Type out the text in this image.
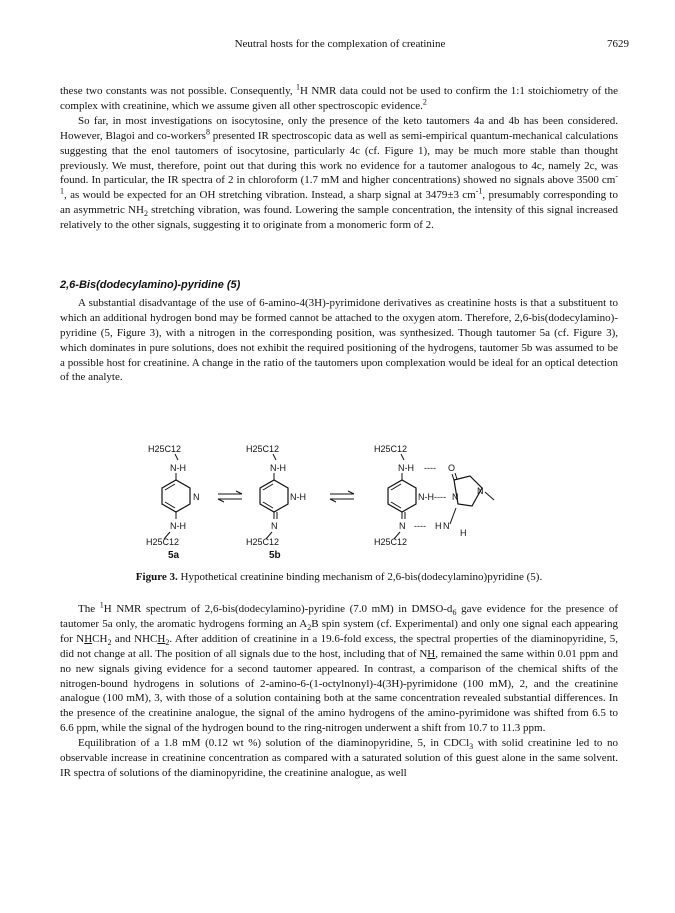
Neutral hosts for the complexation of creatinine	7629

these two constants was not possible. Consequently, $^1$H NMR data could not be used to confirm the 1:1 stoichiometry of the complex with creatinine, which we assume given all other spectroscopic evidence.$^2$

So far, in most investigations on isocytosine, only the presence of the keto tautomers 4a and 4b has been considered. However, Blagoi and co-workers$^8$ presented IR spectroscopic data as well as semi-empirical quantum-mechanical calculations suggesting that the enol tautomers of isocytosine, particularly 4c (cf. Figure 1), may be much more stable than thought previously. We must, therefore, point out that during this work no evidence for a tautomer analogous to 4c, namely 2c, was found. In particular, the IR spectra of 2 in chloroform (1.7 mM and higher concentrations) showed no signals above 3500 $cm^{-1}$, as would be expected for an OH stretching vibration. Instead, a sharp signal at 3479±3 $cm^{-1}$, presumably corresponding to an asymmetric $NH_2$ stretching vibration, was found. Lowering the sample concentration, the intensity of this signal increased relatively to the other signals, suggesting it to originate from a monomeric form of 2.

2,6-Bis(dodecylamino)-pyridine (5)

A substantial disadvantage of the use of 6-amino-4(3H)-pyrimidone derivatives as creatinine hosts is that a substituent to which an additional hydrogen bond may be formed cannot be attached to the oxygen atom. Therefore, 2,6-bis(dodecylamino)-pyridine (5, Figure 3), with a nitrogen in the corresponding position, was synthesized. Though tautomer 5a (cf. Figure 3), which dominates in pure solutions, does not exhibit the required positioning of the hydrogens, tautomer 5b was assumed to be a possible host for creatinine. A change in the ratio of the tautomers upon complexation would be ideal for an optical detection of the analyte.

H25C12
N-H
N
N-H
H25C12
5a
H25C12
N-H
N-H
N
H25C12
5b
H25C12
N-H ---- O
N-H ---- N
N ---- H N
H
H25C12
N
Figure 3. Hypothetical creatinine binding mechanism of 2,6-bis(dodecylamino)pyridine (5).

The $^1$H NMR spectrum of 2,6-bis(dodecylamino)-pyridine (7.0 mM) in DMSO-$d_6$ gave evidence for the presence of tautomer 5a only, the aromatic hydrogens forming an $A_2B$ spin system (cf. Experimental) and only one signal each appearing for $NHCH_2$ and $NHCH_2$. After addition of creatinine in a 19.6-fold excess, the spectral properties of the diaminopyridine, 5, did not change at all. The position of all signals due to the host, including that of NH, remained the same within 0.01 ppm and no new signals giving evidence for a second tautomer appeared. In contrast, a comparison of the chemical shifts of the nitrogen-bound hydrogens in solutions of 2-amino-6-(1-octylnonyl)-4(3H)-pyrimidone (100 mM), 2, and the creatinine analogue (100 mM), 3, with those of a solution containing both at the same concentration revealed substantial differences. In the presence of the creatinine analogue, the signal of the amino hydrogens of the amino-pyrimidone was shifted from 6.5 to 6.6 ppm, while the signal of the hydrogen bound to the ring-nitrogen underwent a shift from 10.7 to 11.3 ppm.

Equilibration of a 1.8 mM (0.12 wt %) solution of the diaminopyridine, 5, in CDCl$_3$ with solid creatinine led to no observable increase in creatinine concentration as compared with a saturated solution of this guest alone in the same solvent. IR spectra of solutions of the diaminopyridine, the creatinine analogue, as well
